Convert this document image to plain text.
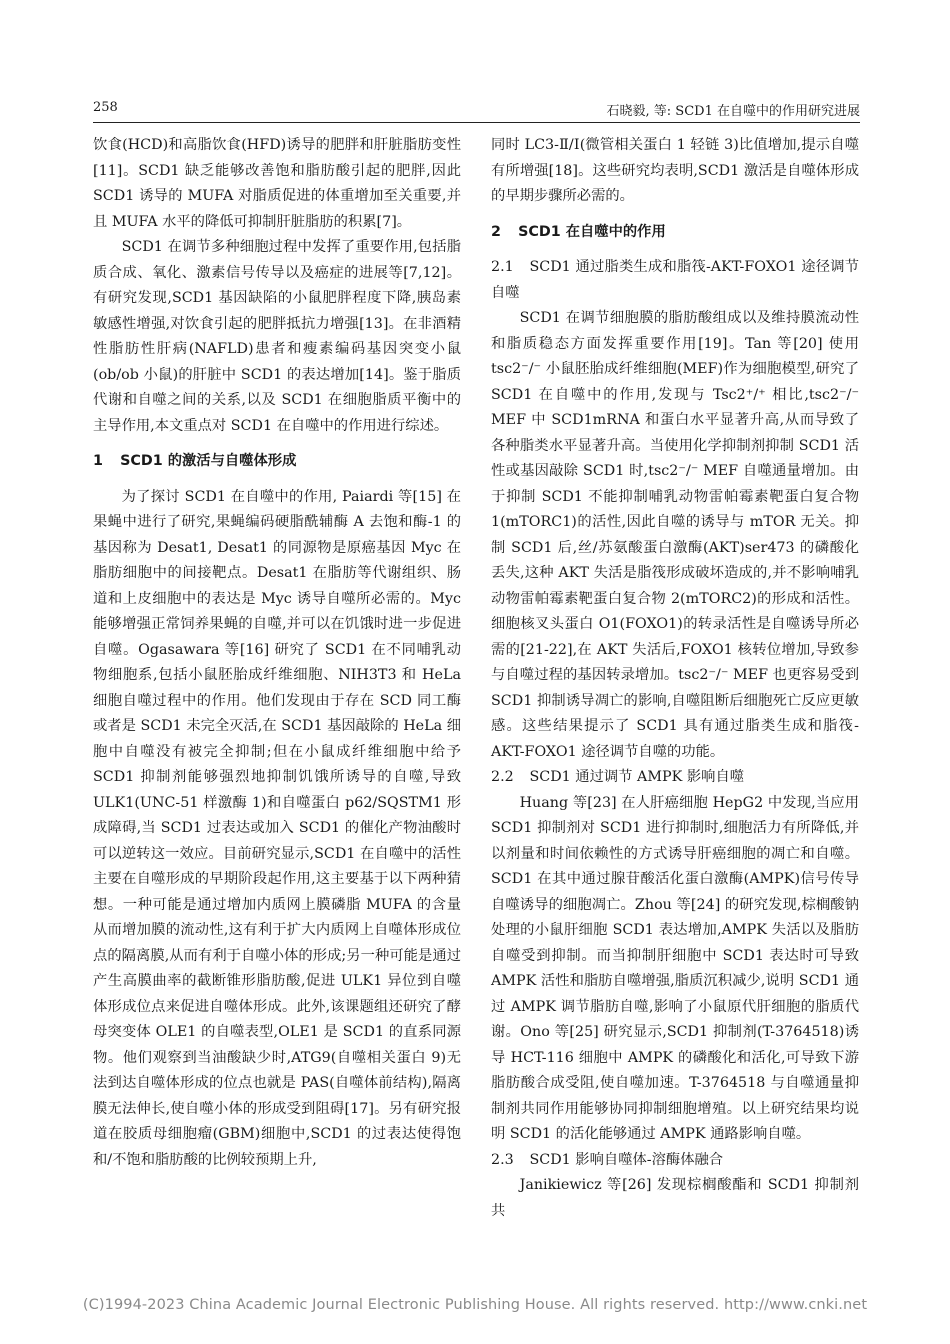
258	石晓毅, 等: SCD1 在自噬中的作用研究进展

饮食(HCD)和高脂饮食(HFD)诱导的肥胖和肝脏脂肪变性[11]。SCD1 缺乏能够改善饱和脂肪酸引起的肥胖,因此 SCD1 诱导的 MUFA 对脂质促进的体重增加至关重要,并且 MUFA 水平的降低可抑制肝脏脂肪的积累[7]。

SCD1 在调节多种细胞过程中发挥了重要作用,包括脂质合成、氧化、激素信号传导以及癌症的进展等[7,12]。有研究发现,SCD1 基因缺陷的小鼠肥胖程度下降,胰岛素敏感性增强,对饮食引起的肥胖抵抗力增强[13]。在非酒精性脂肪性肝病(NAFLD)患者和瘦素编码基因突变小鼠(ob/ob 小鼠)的肝脏中 SCD1 的表达增加[14]。鉴于脂质代谢和自噬之间的关系,以及 SCD1 在细胞脂质平衡中的主导作用,本文重点对 SCD1 在自噬中的作用进行综述。

1 SCD1 的激活与自噬体形成

为了探讨 SCD1 在自噬中的作用, Paiardi 等[15] 在果蝇中进行了研究,果蝇编码硬脂酰辅酶 A 去饱和酶-1 的基因称为 Desat1, Desat1 的同源物是原癌基因 Myc 在脂肪细胞中的间接靶点。Desat1 在脂肪等代谢组织、肠道和上皮细胞中的表达是 Myc 诱导自噬所必需的。Myc 能够增强正常饲养果蝇的自噬,并可以在饥饿时进一步促进自噬。Ogasawara 等[16] 研究了 SCD1 在不同哺乳动物细胞系,包括小鼠胚胎成纤维细胞、NIH3T3 和 HeLa 细胞自噬过程中的作用。他们发现由于存在 SCD 同工酶或者是 SCD1 未完全灭活,在 SCD1 基因敲除的 HeLa 细胞中自噬没有被完全抑制;但在小鼠成纤维细胞中给予 SCD1 抑制剂能够强烈地抑制饥饿所诱导的自噬,导致 ULK1(UNC-51 样激酶 1)和自噬蛋白 p62/SQSTM1 形成障碍,当 SCD1 过表达或加入 SCD1 的催化产物油酸时可以逆转这一效应。目前研究显示,SCD1 在自噬中的活性主要在自噬形成的早期阶段起作用,这主要基于以下两种猜想。一种可能是通过增加内质网上膜磷脂 MUFA 的含量从而增加膜的流动性,这有利于扩大内质网上自噬体形成位点的隔离膜,从而有利于自噬小体的形成;另一种可能是通过产生高膜曲率的截断锥形脂肪酸,促进 ULK1 异位到自噬体形成位点来促进自噬体形成。此外,该课题组还研究了酵母突变体 OLE1 的自噬表型,OLE1 是 SCD1 的直系同源物。他们观察到当油酸缺少时,ATG9(自噬相关蛋白 9)无法到达自噬体形成的位点也就是 PAS(自噬体前结构),隔离膜无法伸长,使自噬小体的形成受到阻碍[17]。另有研究报道在胶质母细胞瘤(GBM)细胞中,SCD1 的过表达使得饱和/不饱和脂肪酸的比例较预期上升,

同时 LC3-Ⅱ/Ⅰ(微管相关蛋白 1 轻链 3)比值增加,提示自噬有所增强[18]。这些研究均表明,SCD1 激活是自噬体形成的早期步骤所必需的。

2 SCD1 在自噬中的作用
2.1 SCD1 通过脂类生成和脂筏-AKT-FOXO1 途径调节自噬

SCD1 在调节细胞膜的脂肪酸组成以及维持膜流动性和脂质稳态方面发挥重要作用[19]。Tan 等[20] 使用 tsc2⁻/⁻ 小鼠胚胎成纤维细胞(MEF)作为细胞模型,研究了 SCD1 在自噬中的作用,发现与 Tsc2⁺/⁺ 相比,tsc2⁻/⁻ MEF 中 SCD1mRNA 和蛋白水平显著升高,从而导致了各种脂类水平显著升高。当使用化学抑制剂抑制 SCD1 活性或基因敲除 SCD1 时,tsc2⁻/⁻ MEF 自噬通量增加。由于抑制 SCD1 不能抑制哺乳动物雷帕霉素靶蛋白复合物 1(mTORC1)的活性,因此自噬的诱导与 mTOR 无关。抑制 SCD1 后,丝/苏氨酸蛋白激酶(AKT)ser473 的磷酸化丢失,这种 AKT 失活是脂筏形成破坏造成的,并不影响哺乳动物雷帕霉素靶蛋白复合物 2(mTORC2)的形成和活性。细胞核叉头蛋白 O1(FOXO1)的转录活性是自噬诱导所必需的[21-22],在 AKT 失活后,FOXO1 核转位增加,导致参与自噬过程的基因转录增加。tsc2⁻/⁻ MEF 也更容易受到 SCD1 抑制诱导凋亡的影响,自噬阻断后细胞死亡反应更敏感。这些结果提示了 SCD1 具有通过脂类生成和脂筏-AKT-FOXO1 途径调节自噬的功能。

2.2 SCD1 通过调节 AMPK 影响自噬

Huang 等[23] 在人肝癌细胞 HepG2 中发现,当应用 SCD1 抑制剂对 SCD1 进行抑制时,细胞活力有所降低,并以剂量和时间依赖性的方式诱导肝癌细胞的凋亡和自噬。SCD1 在其中通过腺苷酸活化蛋白激酶(AMPK)信号传导自噬诱导的细胞凋亡。Zhou 等[24] 的研究发现,棕榈酸钠处理的小鼠肝细胞 SCD1 表达增加,AMPK 失活以及脂肪自噬受到抑制。而当抑制肝细胞中 SCD1 表达时可导致 AMPK 活性和脂肪自噬增强,脂质沉积减少,说明 SCD1 通过 AMPK 调节脂肪自噬,影响了小鼠原代肝细胞的脂质代谢。Ono 等[25] 研究显示,SCD1 抑制剂(T-3764518)诱导 HCT-116 细胞中 AMPK 的磷酸化和活化,可导致下游脂肪酸合成受阻,使自噬加速。T-3764518 与自噬通量抑制剂共同作用能够协同抑制细胞增殖。以上研究结果均说明 SCD1 的活化能够通过 AMPK 通路影响自噬。

2.3 SCD1 影响自噬体-溶酶体融合

Janikiewicz 等[26] 发现棕榈酸酯和 SCD1 抑制剂共

(C)1994-2023 China Academic Journal Electronic Publishing House. All rights reserved. http://www.cnki.net
